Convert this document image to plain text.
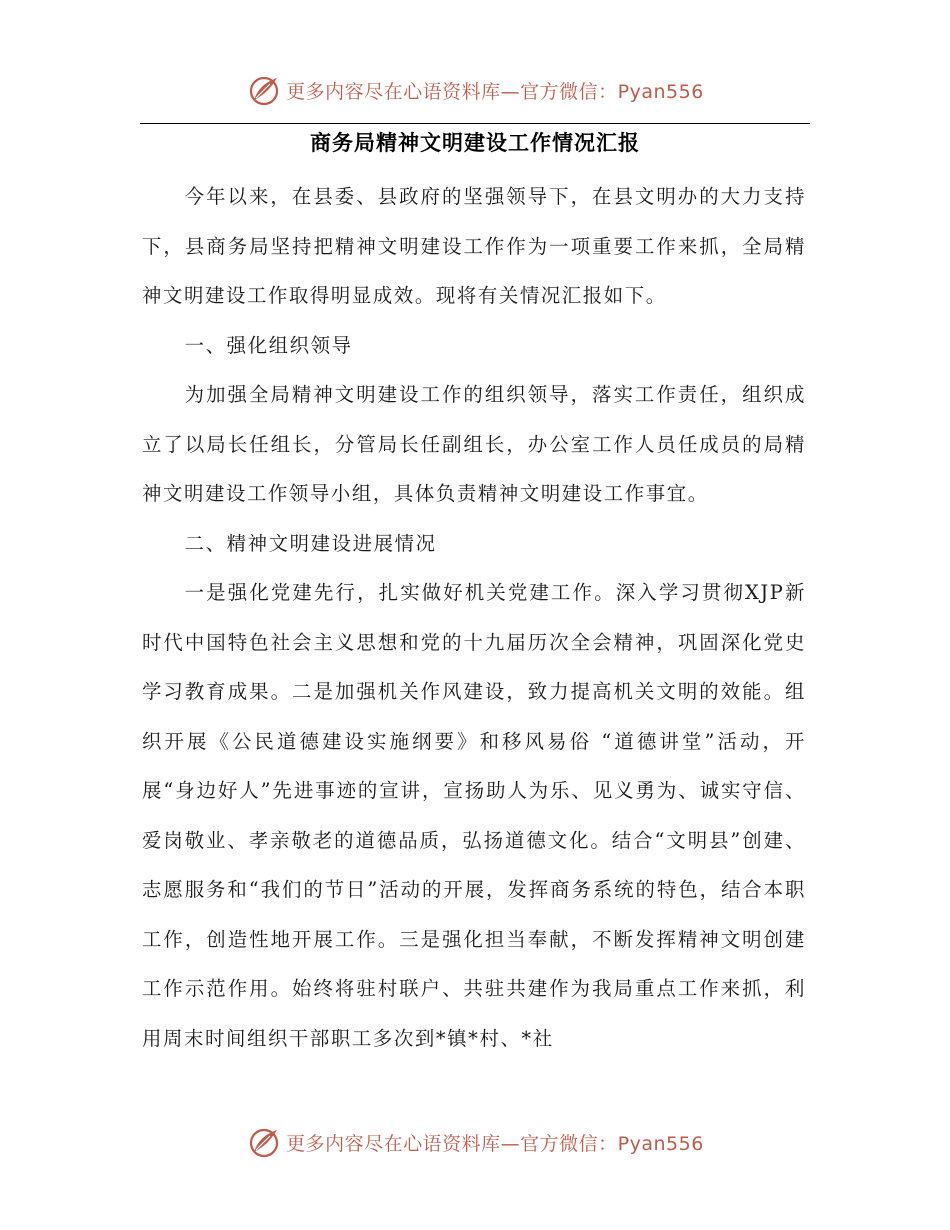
更多内容尽在心语资料库—官方微信：Pyan556
商务局精神文明建设工作情况汇报

今年以来，在县委、县政府的坚强领导下，在县文明办的大力支持下，县商务局坚持把精神文明建设工作作为一项重要工作来抓，全局精神文明建设工作取得明显成效。现将有关情况汇报如下。

一、强化组织领导

为加强全局精神文明建设工作的组织领导，落实工作责任，组织成立了以局长任组长，分管局长任副组长，办公室工作人员任成员的局精神文明建设工作领导小组，具体负责精神文明建设工作事宜。

二、精神文明建设进展情况

一是强化党建先行，扎实做好机关党建工作。深入学习贯彻XJP新时代中国特色社会主义思想和党的十九届历次全会精神，巩固深化党史学习教育成果。二是加强机关作风建设，致力提高机关文明的效能。组织开展《公民道德建设实施纲要》和移风易俗 “道德讲堂”活动，开展“身边好人”先进事迹的宣讲，宣扬助人为乐、见义勇为、诚实守信、爱岗敬业、孝亲敬老的道德品质，弘扬道德文化。结合“文明县”创建、志愿服务和“我们的节日”活动的开展，发挥商务系统的特色，结合本职工作，创造性地开展工作。三是强化担当奉献，不断发挥精神文明创建工作示范作用。始终将驻村联户、共驻共建作为我局重点工作来抓，利用周末时间组织干部职工多次到*镇*村、*社

更多内容尽在心语资料库—官方微信：Pyan556
